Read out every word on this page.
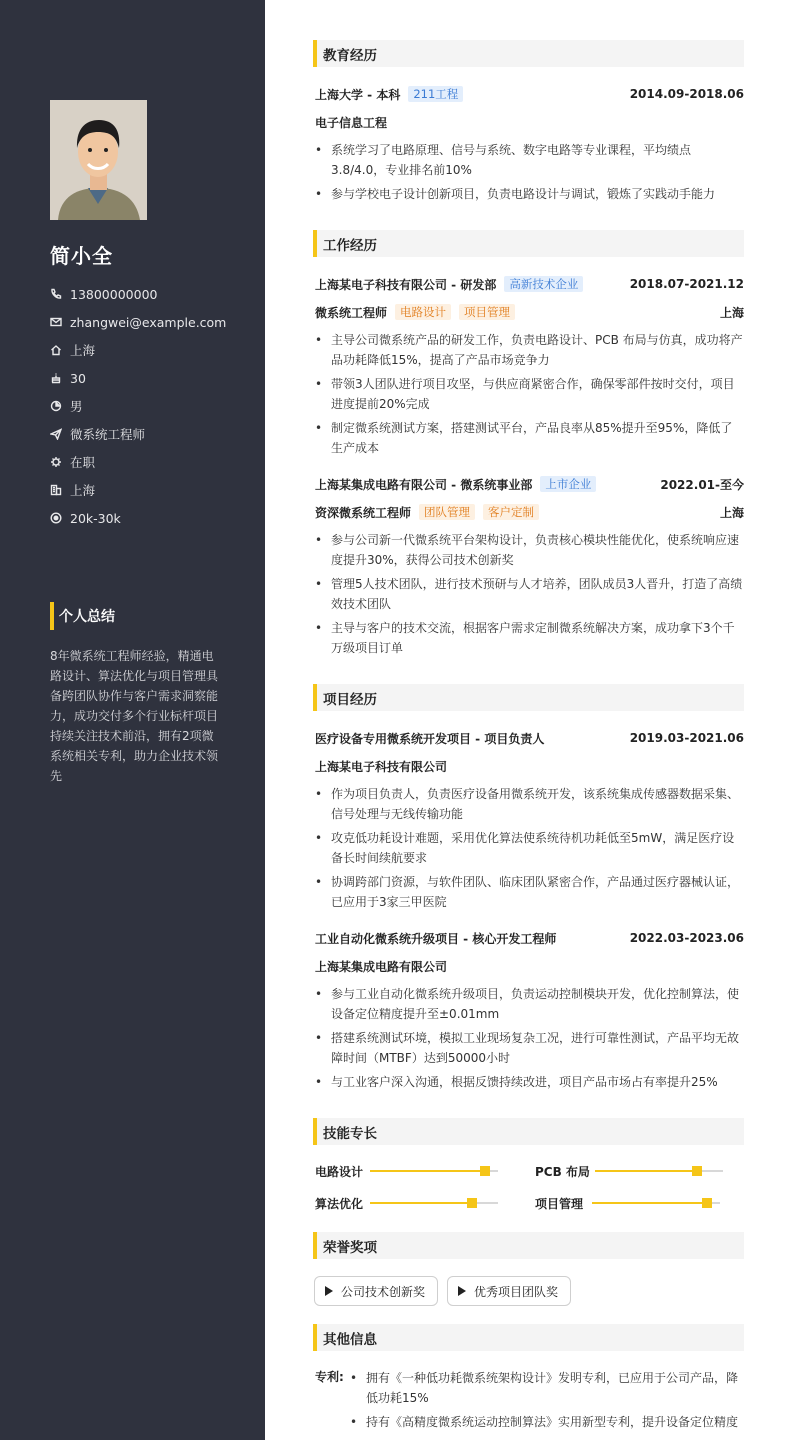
简小全
13800000000
zhangwei@example.com
上海
30
男
微系统工程师
在职
上海
20k-30k
个人总结
8年微系统工程师经验，精通电路设计、算法优化与项目管理具备跨团队协作与客户需求洞察能力，成功交付多个行业标杆项目 持续关注技术前沿，拥有2项微系统相关专利，助力企业技术领先
教育经历
上海大学 - 本科	211工程	2014.09-2018.06
电子信息工程
• 系统学习了电路原理、信号与系统、数字电路等专业课程，平均绩点3.8/4.0，专业排名前10%
• 参与学校电子设计创新项目，负责电路设计与调试，锻炼了实践动手能力
工作经历
上海某电子科技有限公司 - 研发部	高新技术企业	2018.07-2021.12
微系统工程师	电路设计	项目管理	上海
• 主导公司微系统产品的研发工作，负责电路设计、PCB 布局与仿真，成功将产品功耗降低15%，提高了产品市场竞争力
• 带领3人团队进行项目攻坚，与供应商紧密合作，确保零部件按时交付，项目进度提前20%完成
• 制定微系统测试方案，搭建测试平台，产品良率从85%提升至95%，降低了生产成本
上海某集成电路有限公司 - 微系统事业部	上市企业	2022.01-至今
资深微系统工程师	团队管理	客户定制	上海
• 参与公司新一代微系统平台架构设计，负责核心模块性能优化，使系统响应速度提升30%，获得公司技术创新奖
• 管理5人技术团队，进行技术预研与人才培养，团队成员3人晋升，打造了高绩效技术团队
• 主导与客户的技术交流，根据客户需求定制微系统解决方案，成功拿下3个千万级项目订单
项目经历
医疗设备专用微系统开发项目 - 项目负责人	2019.03-2021.06
上海某电子科技有限公司
• 作为项目负责人，负责医疗设备用微系统开发，该系统集成传感器数据采集、信号处理与无线传输功能
• 攻克低功耗设计难题，采用优化算法使系统待机功耗低至5mW，满足医疗设备长时间续航要求
• 协调跨部门资源，与软件团队、临床团队紧密合作，产品通过医疗器械认证，已应用于3家三甲医院
工业自动化微系统升级项目 - 核心开发工程师	2022.03-2023.06
上海某集成电路有限公司
• 参与工业自动化微系统升级项目，负责运动控制模块开发，优化控制算法，使设备定位精度提升至±0.01mm
• 搭建系统测试环境，模拟工业现场复杂工况，进行可靠性测试，产品平均无故障时间（MTBF）达到50000小时
• 与工业客户深入沟通，根据反馈持续改进，项目产品市场占有率提升25%
技能专长
电路设计	PCB 布局
算法优化	项目管理
荣誉奖项
公司技术创新奖	优秀项目团队奖
其他信息
专利: • 拥有《一种低功耗微系统架构设计》发明专利，已应用于公司产品，降低功耗15%
• 持有《高精度微系统运动控制算法》实用新型专利，提升设备定位精度
